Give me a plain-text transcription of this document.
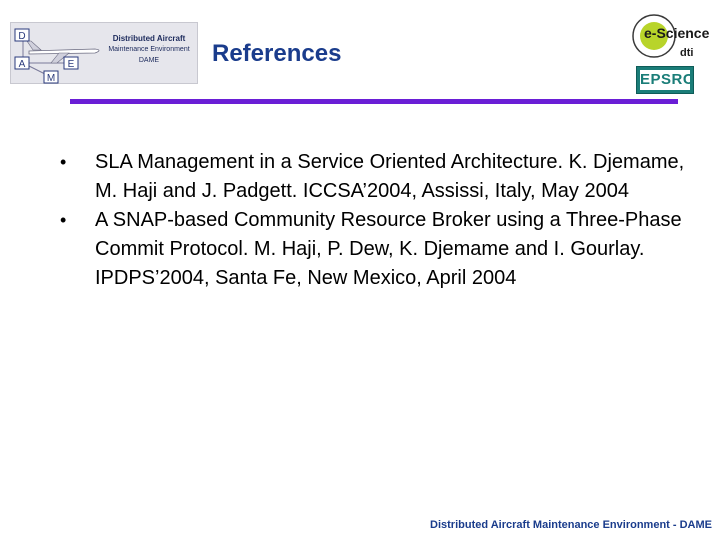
D
A	E
M
Distributed Aircraft
Maintenance Environment
DAME	References
e-Science
dti
EPSRC
• SLA Management in a Service Oriented Architecture. K. Djemame, M. Haji and J. Padgett. ICCSA’2004, Assissi, Italy, May 2004
• A SNAP-based Community Resource Broker using a Three-Phase Commit Protocol. M. Haji, P. Dew, K. Djemame and I. Gourlay. IPDPS’2004, Santa Fe, New Mexico, April 2004
Distributed Aircraft Maintenance Environment - DAME
